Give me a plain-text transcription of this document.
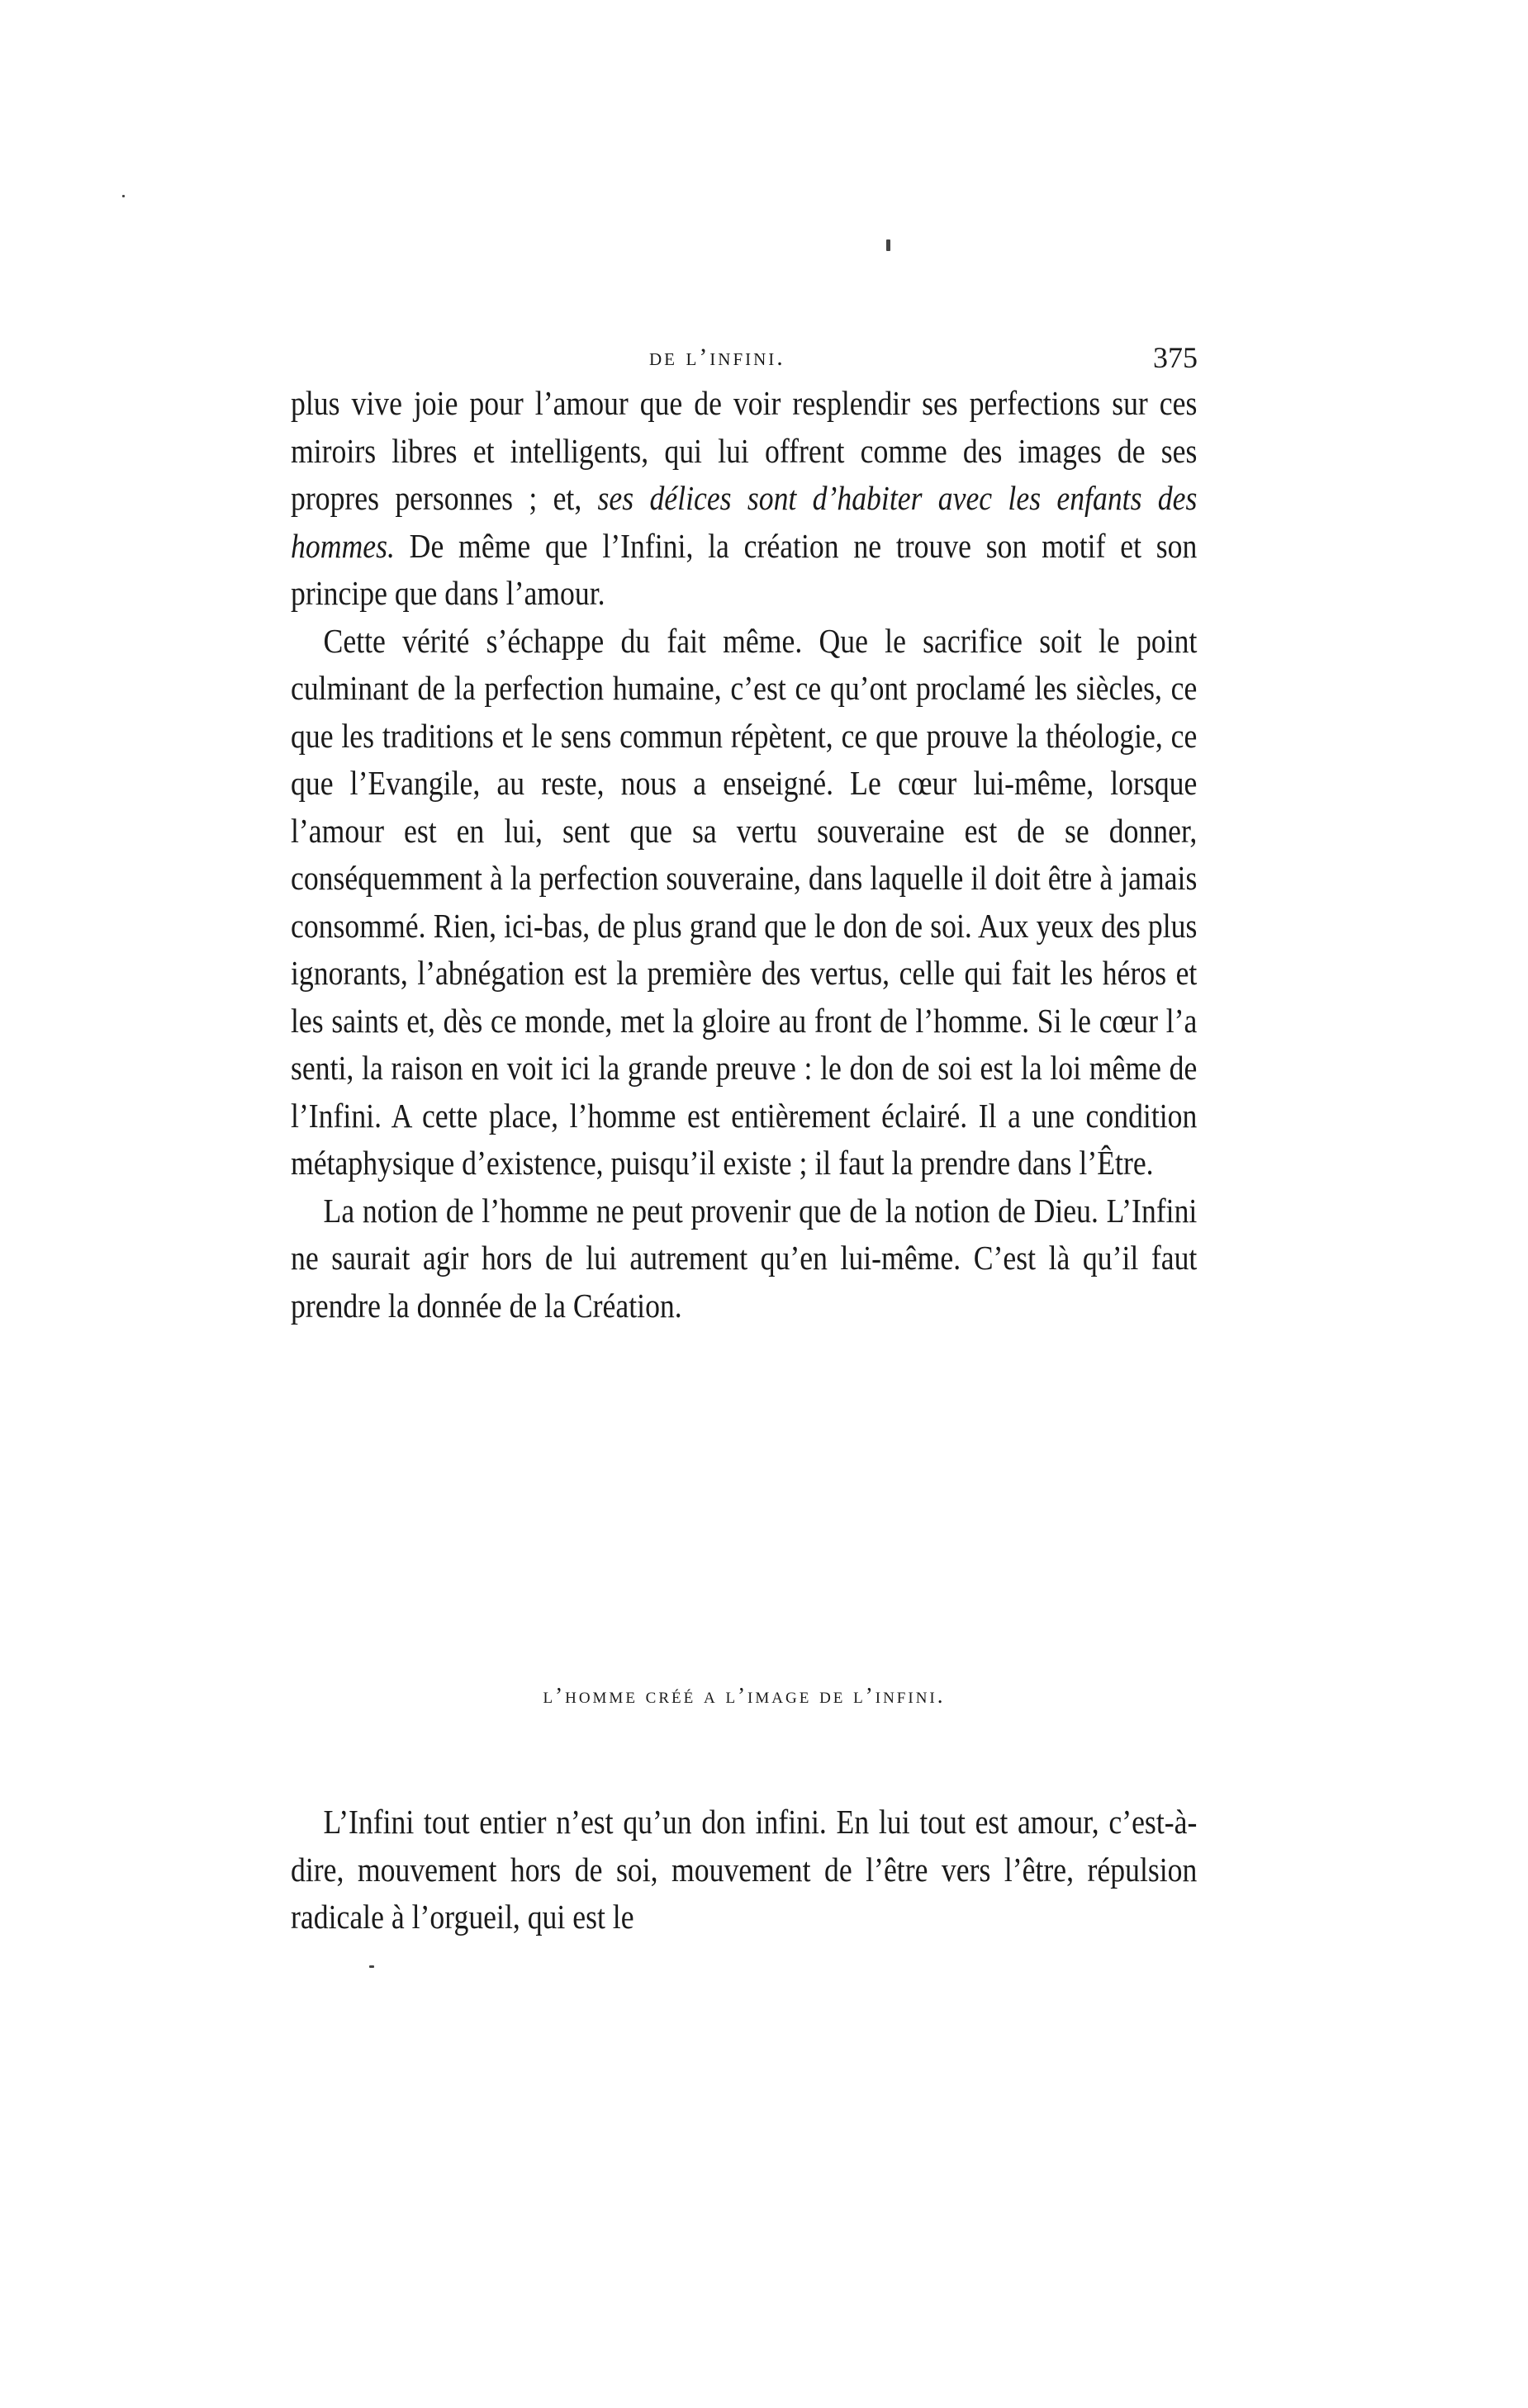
de l’infini.	375

plus vive joie pour l’amour que de voir resplendir ses perfections sur ces miroirs libres et intelligents, qui lui offrent comme des images de ses propres personnes ; et, ses délices sont d’habiter avec les enfants des hommes. De même que l’Infini, la création ne trouve son motif et son principe que dans l’amour.

Cette vérité s’échappe du fait même. Que le sacrifice soit le point culminant de la perfection humaine, c’est ce qu’ont proclamé les siècles, ce que les traditions et le sens commun répètent, ce que prouve la théologie, ce que l’Evangile, au reste, nous a enseigné. Le cœur lui-même, lorsque l’amour est en lui, sent que sa vertu souveraine est de se donner, conséquemment à la perfection souveraine, dans laquelle il doit être à jamais consommé. Rien, ici-bas, de plus grand que le don de soi. Aux yeux des plus ignorants, l’abnégation est la première des vertus, celle qui fait les héros et les saints et, dès ce monde, met la gloire au front de l’homme. Si le cœur l’a senti, la raison en voit ici la grande preuve : le don de soi est la loi même de l’Infini. A cette place, l’homme est entièrement éclairé. Il a une condition métaphysique d’existence, puisqu’il existe ; il faut la prendre dans l’Être.

La notion de l’homme ne peut provenir que de la notion de Dieu. L’Infini ne saurait agir hors de lui autrement qu’en lui-même. C’est là qu’il faut prendre la donnée de la Création.

l’homme créé a l’image de l’infini.

L’Infini tout entier n’est qu’un don infini. En lui tout est amour, c’est-à-dire, mouvement hors de soi, mouvement de l’être vers l’être, répulsion radicale à l’orgueil, qui est le
